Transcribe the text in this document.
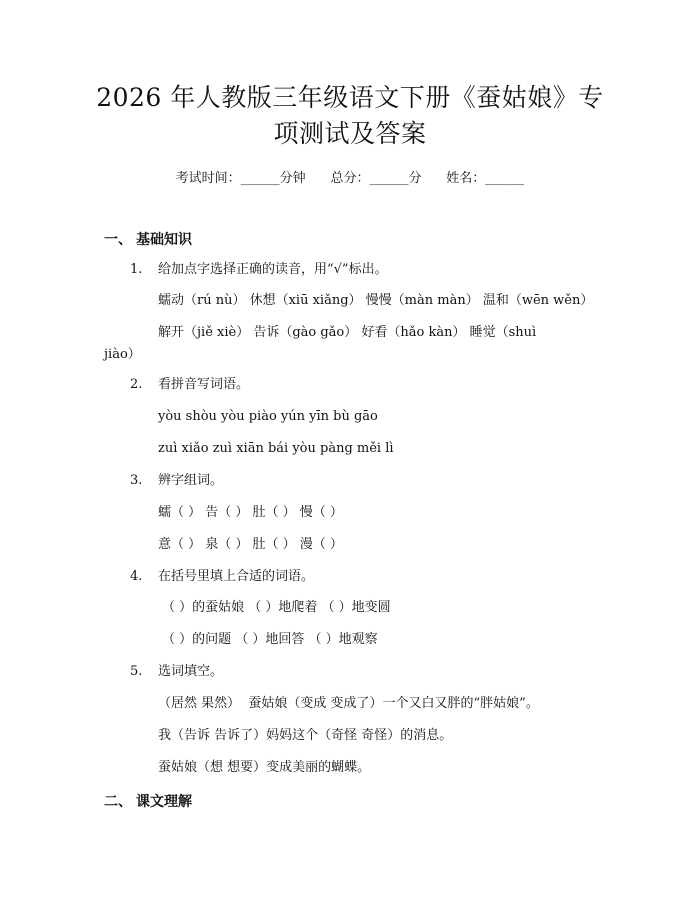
2026 年人教版三年级语文下册《蚕姑娘》专
项测试及答案
考试时间：______分钟 总分：______分 姓名：______
一、 基础知识
1. 给加点字选择正确的读音，用“√”标出。
蠕动（rú nù） 休想（xiū xiǎng） 慢慢（màn màn） 温和（wēn wěn）
解开（jiě xiè） 告诉（gào gǎo） 好看（hǎo kàn） 睡觉（shuì
jiào）
2. 看拼音写词语。
yòu shòu yòu piào yún yīn bù gāo
zuì xiǎo zuì xiān bái yòu pàng měi lì
3. 辨字组词。
蠕（ ） 告（ ） 肚（ ） 慢（ ）
意（ ） 泉（ ） 肚（ ） 漫（ ）
4. 在括号里填上合适的词语。
（ ）的蚕姑娘 （ ）地爬着 （ ）地变圆
（ ）的问题 （ ）地回答 （ ）地观察
5. 选词填空。
（居然 果然）  蚕姑娘（变成 变成了）一个又白又胖的“胖姑娘”。
我（告诉 告诉了）妈妈这个（奇怪 奇怪）的消息。
蚕姑娘（想 想要）变成美丽的蝴蝶。
二、 课文理解
